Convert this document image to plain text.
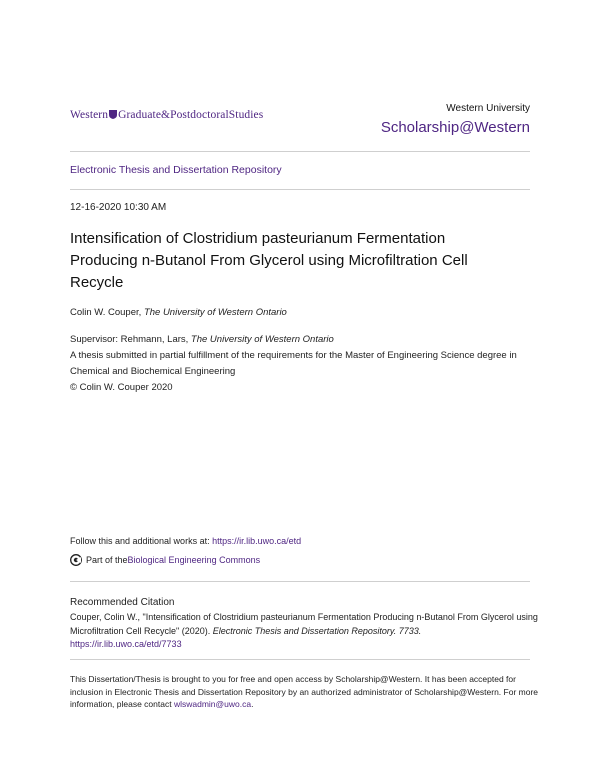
Western Graduate&PostdoctoralStudies
Western University
Scholarship@Western
Electronic Thesis and Dissertation Repository
12-16-2020 10:30 AM
Intensification of Clostridium pasteurianum Fermentation Producing n-Butanol From Glycerol using Microfiltration Cell Recycle
Colin W. Couper, The University of Western Ontario
Supervisor: Rehmann, Lars, The University of Western Ontario
A thesis submitted in partial fulfillment of the requirements for the Master of Engineering Science degree in Chemical and Biochemical Engineering
© Colin W. Couper 2020
Follow this and additional works at: https://ir.lib.uwo.ca/etd
Part of the Biological Engineering Commons
Recommended Citation
Couper, Colin W., "Intensification of Clostridium pasteurianum Fermentation Producing n-Butanol From Glycerol using Microfiltration Cell Recycle" (2020). Electronic Thesis and Dissertation Repository. 7733.
https://ir.lib.uwo.ca/etd/7733
This Dissertation/Thesis is brought to you for free and open access by Scholarship@Western. It has been accepted for inclusion in Electronic Thesis and Dissertation Repository by an authorized administrator of Scholarship@Western. For more information, please contact wlswadmin@uwo.ca.
